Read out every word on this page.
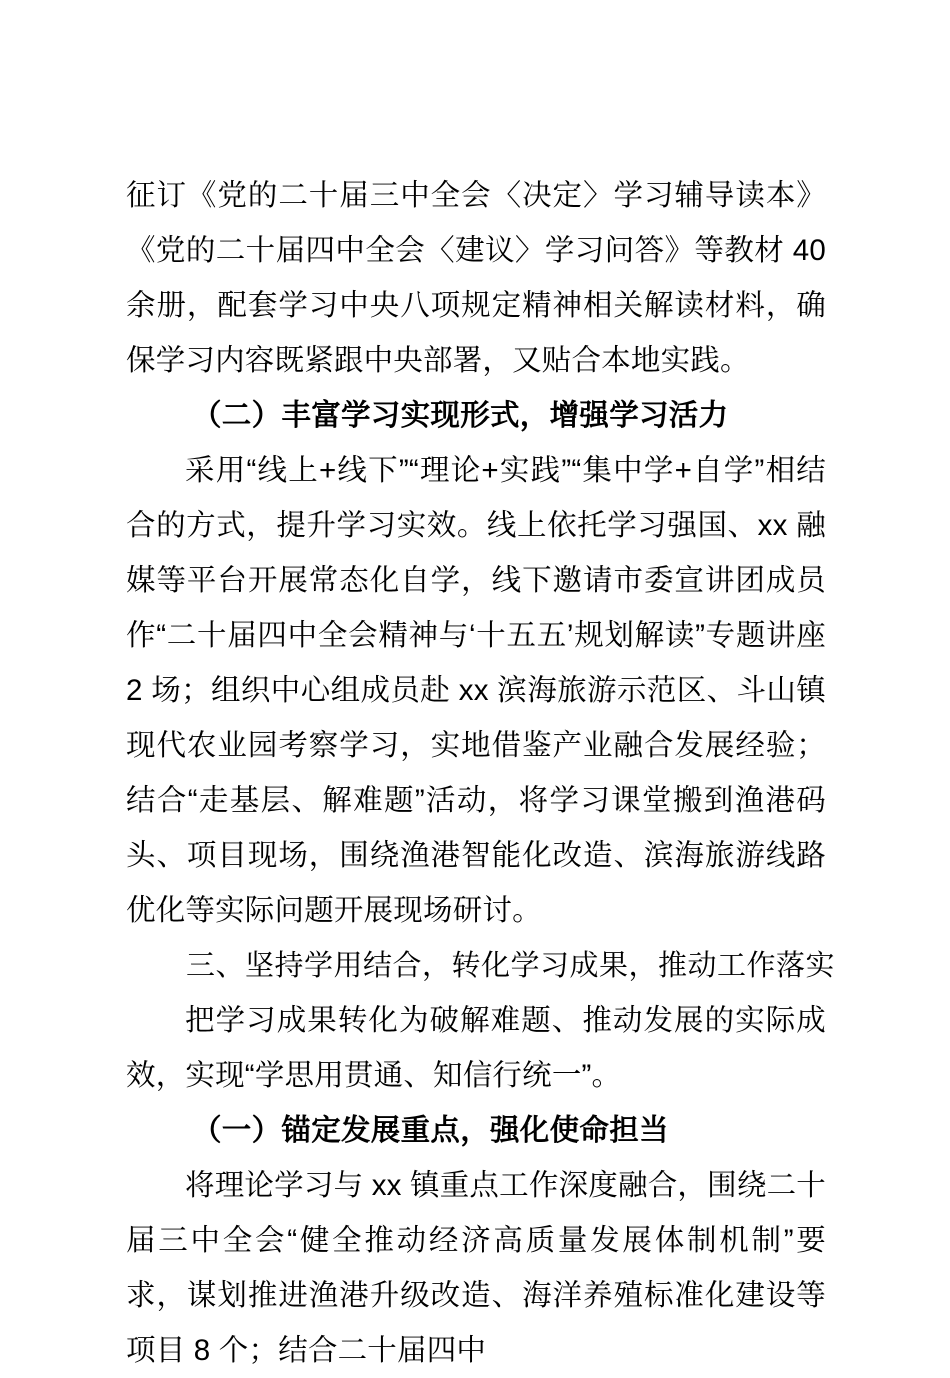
征订《党的二十届三中全会〈决定〉学习辅导读本》《党的二十届四中全会〈建议〉学习问答》等教材 40 余册，配套学习中央八项规定精神相关解读材料，确保学习内容既紧跟中央部署，又贴合本地实践。

（二）丰富学习实现形式，增强学习活力

采用“线上+线下”“理论+实践”“集中学+自学”相结合的方式，提升学习实效。线上依托学习强国、xx 融媒等平台开展常态化自学，线下邀请市委宣讲团成员作“二十届四中全会精神与‘十五五’规划解读”专题讲座 2 场；组织中心组成员赴 xx 滨海旅游示范区、斗山镇现代农业园考察学习，实地借鉴产业融合发展经验；结合“走基层、解难题”活动，将学习课堂搬到渔港码头、项目现场，围绕渔港智能化改造、滨海旅游线路优化等实际问题开展现场研讨。

三、坚持学用结合，转化学习成果，推动工作落实

把学习成果转化为破解难题、推动发展的实际成效，实现“学思用贯通、知信行统一”。

（一）锚定发展重点，强化使命担当

将理论学习与 xx 镇重点工作深度融合，围绕二十届三中全会“健全推动经济高质量发展体制机制”要求，谋划推进渔港升级改造、海洋养殖标准化建设等项目 8 个；结合二十届四中
